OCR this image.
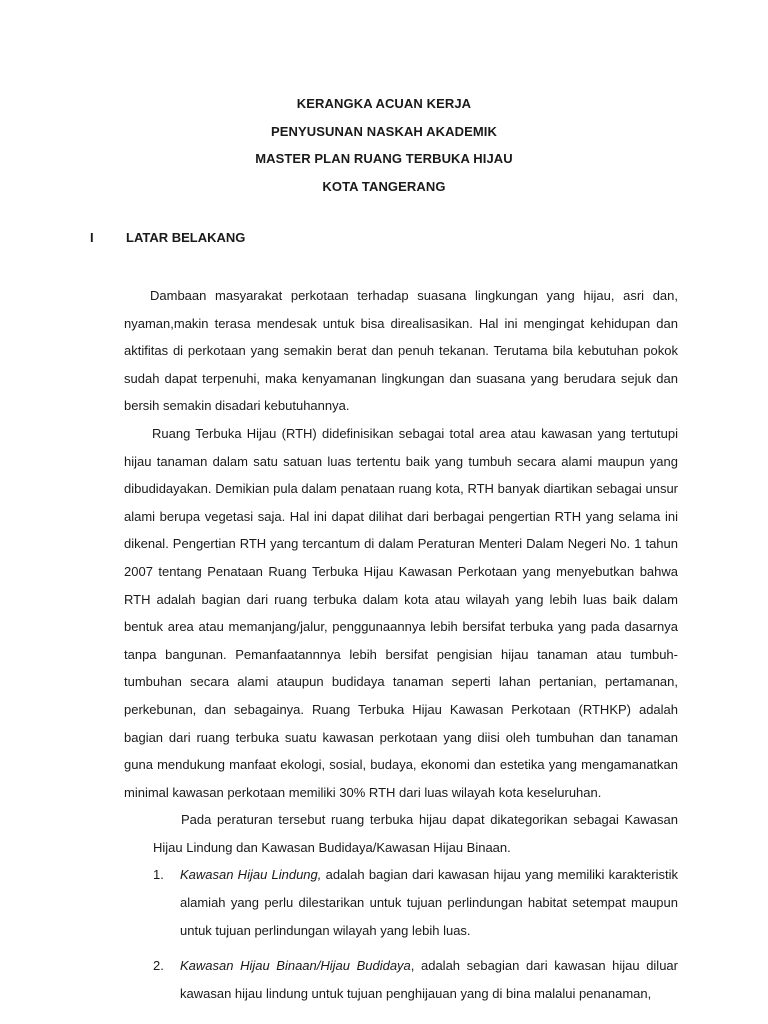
KERANGKA ACUAN KERJA
PENYUSUNAN NASKAH AKADEMIK
MASTER PLAN RUANG TERBUKA HIJAU
KOTA TANGERANG
I LATAR BELAKANG

Dambaan masyarakat perkotaan terhadap suasana lingkungan yang hijau, asri dan, nyaman,makin terasa mendesak untuk bisa direalisasikan. Hal ini mengingat kehidupan dan aktifitas di perkotaan yang semakin berat dan penuh tekanan. Terutama bila kebutuhan pokok sudah dapat terpenuhi, maka kenyamanan lingkungan dan suasana yang berudara sejuk dan bersih semakin disadari kebutuhannya.

Ruang Terbuka Hijau (RTH) didefinisikan sebagai total area atau kawasan yang tertutupi hijau tanaman dalam satu satuan luas tertentu baik yang tumbuh secara alami maupun yang dibudidayakan. Demikian pula dalam penataan ruang kota, RTH banyak diartikan sebagai unsur alami berupa vegetasi saja. Hal ini dapat dilihat dari berbagai pengertian RTH yang selama ini dikenal. Pengertian RTH yang tercantum di dalam Peraturan Menteri Dalam Negeri No. 1 tahun 2007 tentang Penataan Ruang Terbuka Hijau Kawasan Perkotaan yang menyebutkan bahwa RTH adalah bagian dari ruang terbuka dalam kota atau wilayah yang lebih luas baik dalam bentuk area atau memanjang/jalur, penggunaannya lebih bersifat terbuka yang pada dasarnya tanpa bangunan. Pemanfaatannnya lebih bersifat pengisian hijau tanaman atau tumbuh-tumbuhan secara alami ataupun budidaya tanaman seperti lahan pertanian, pertamanan, perkebunan, dan sebagainya. Ruang Terbuka Hijau Kawasan Perkotaan (RTHKP) adalah bagian dari ruang terbuka suatu kawasan perkotaan yang diisi oleh tumbuhan dan tanaman guna mendukung manfaat ekologi, sosial, budaya, ekonomi dan estetika yang mengamanatkan minimal kawasan perkotaan memiliki 30% RTH dari luas wilayah kota keseluruhan.

Pada peraturan tersebut ruang terbuka hijau dapat dikategorikan sebagai Kawasan Hijau Lindung dan Kawasan Budidaya/Kawasan Hijau Binaan.

1. Kawasan Hijau Lindung, adalah bagian dari kawasan hijau yang memiliki karakteristik alamiah yang perlu dilestarikan untuk tujuan perlindungan habitat setempat maupun untuk tujuan perlindungan wilayah yang lebih luas.
2. Kawasan Hijau Binaan/Hijau Budidaya, adalah sebagian dari kawasan hijau diluar kawasan hijau lindung untuk tujuan penghijauan yang di bina malalui penanaman,
